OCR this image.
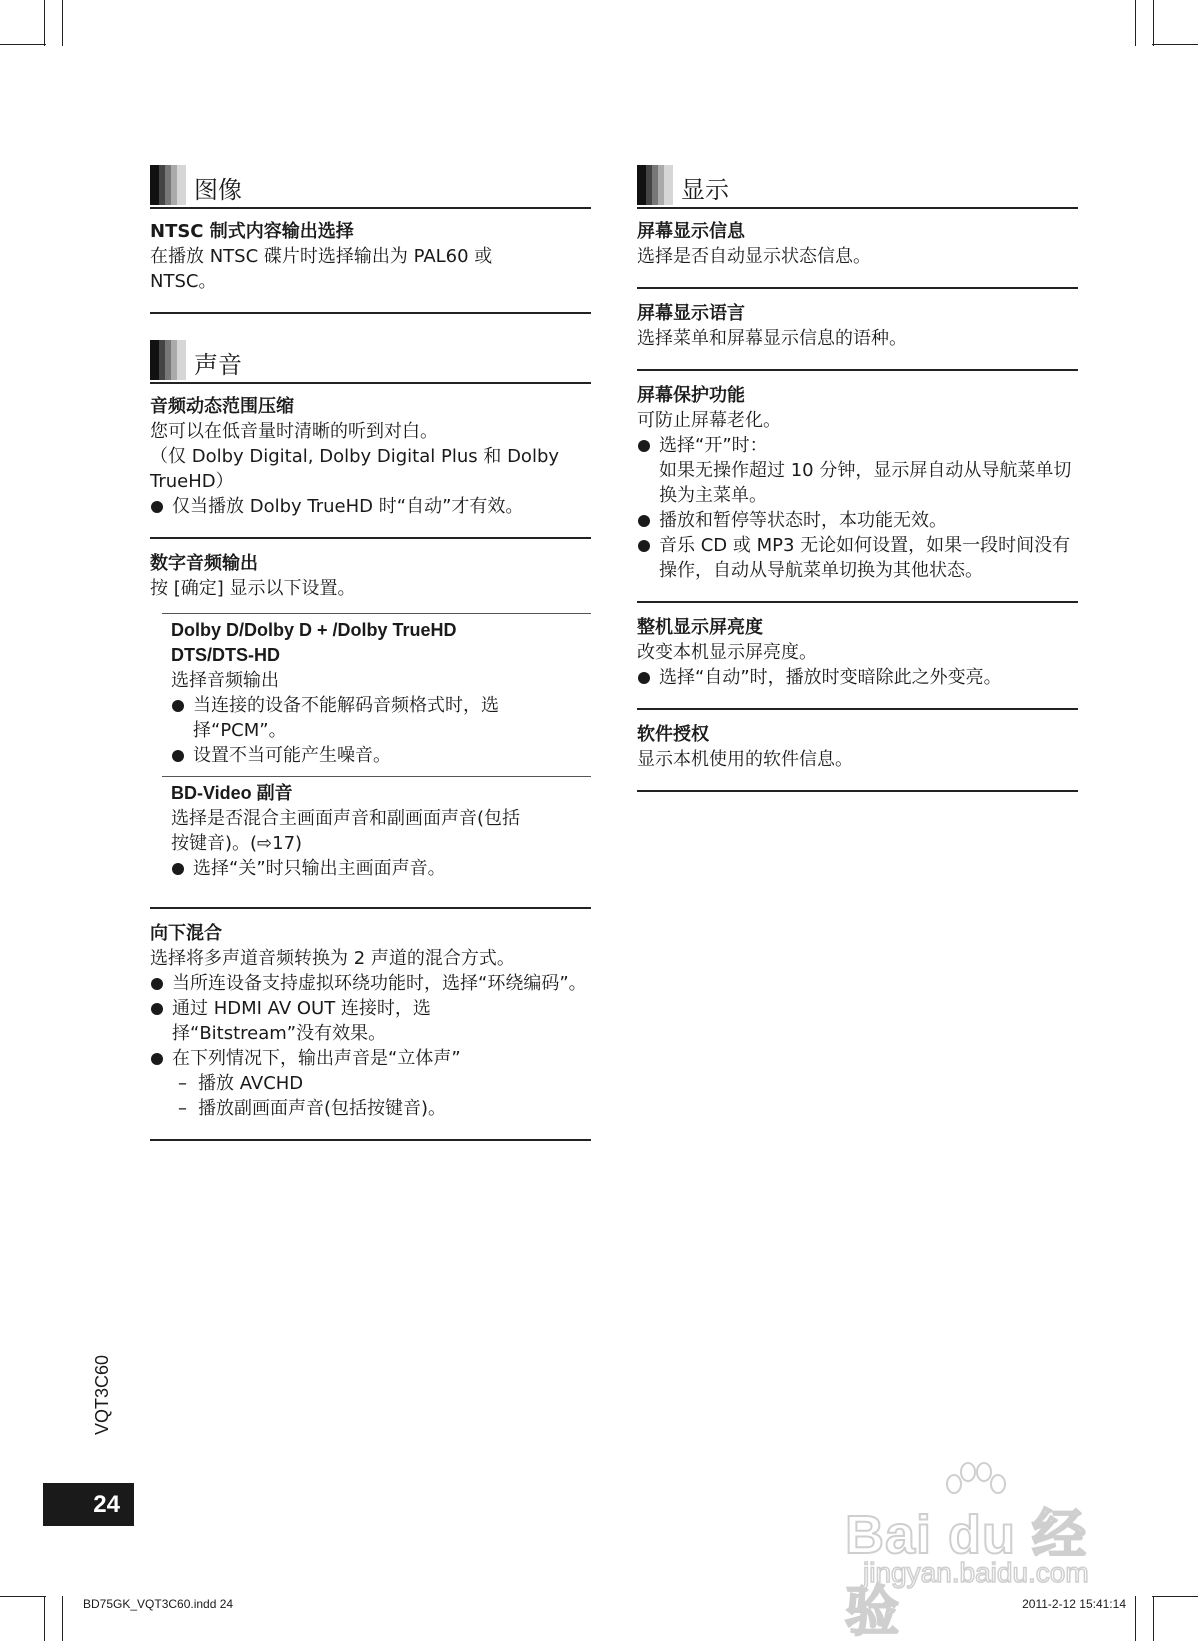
图像
NTSC 制式内容输出选择
在播放 NTSC 碟片时选择输出为 PAL60 或
NTSC。
声音
音频动态范围压缩
您可以在低音量时清晰的听到对白。
（仅 Dolby Digital, Dolby Digital Plus 和 Dolby
TrueHD）
仅当播放 Dolby TrueHD 时“自动”才有效。
数字音频输出
按 [确定] 显示以下设置。
Dolby D/Dolby D + /Dolby TrueHD
DTS/DTS-HD
选择音频输出
当连接的设备不能解码音频格式时，选择“PCM”。
设置不当可能产生噪音。
BD-Video 副音
选择是否混合主画面声音和副画面声音(包括
按键音)。(⇨17)
选择“关”时只输出主画面声音。
向下混合
选择将多声道音频转换为 2 声道的混合方式。
当所连设备支持虚拟环绕功能时，选择“环绕编码”。
通过 HDMI AV OUT 连接时，选择“Bitstream”没有效果。
在下列情况下，输出声音是“立体声”
– 播放 AVCHD
– 播放副画面声音(包括按键音)。
显示
屏幕显示信息
选择是否自动显示状态信息。
屏幕显示语言
选择菜单和屏幕显示信息的语种。
屏幕保护功能
可防止屏幕老化。
选择“开”时：
如果无操作超过 10 分钟，显示屏自动从导航菜单切换为主菜单。
播放和暂停等状态时，本功能无效。
音乐 CD 或 MP3 无论如何设置，如果一段时间没有操作，自动从导航菜单切换为其他状态。
整机显示屏亮度
改变本机显示屏亮度。
选择“自动”时，播放时变暗除此之外变亮。
软件授权
显示本机使用的软件信息。
VQT3C60
24
BD75GK_VQT3C60.indd 24	2011-2-12 15:41:14
Bai du 经验
jingyan.baidu.com
